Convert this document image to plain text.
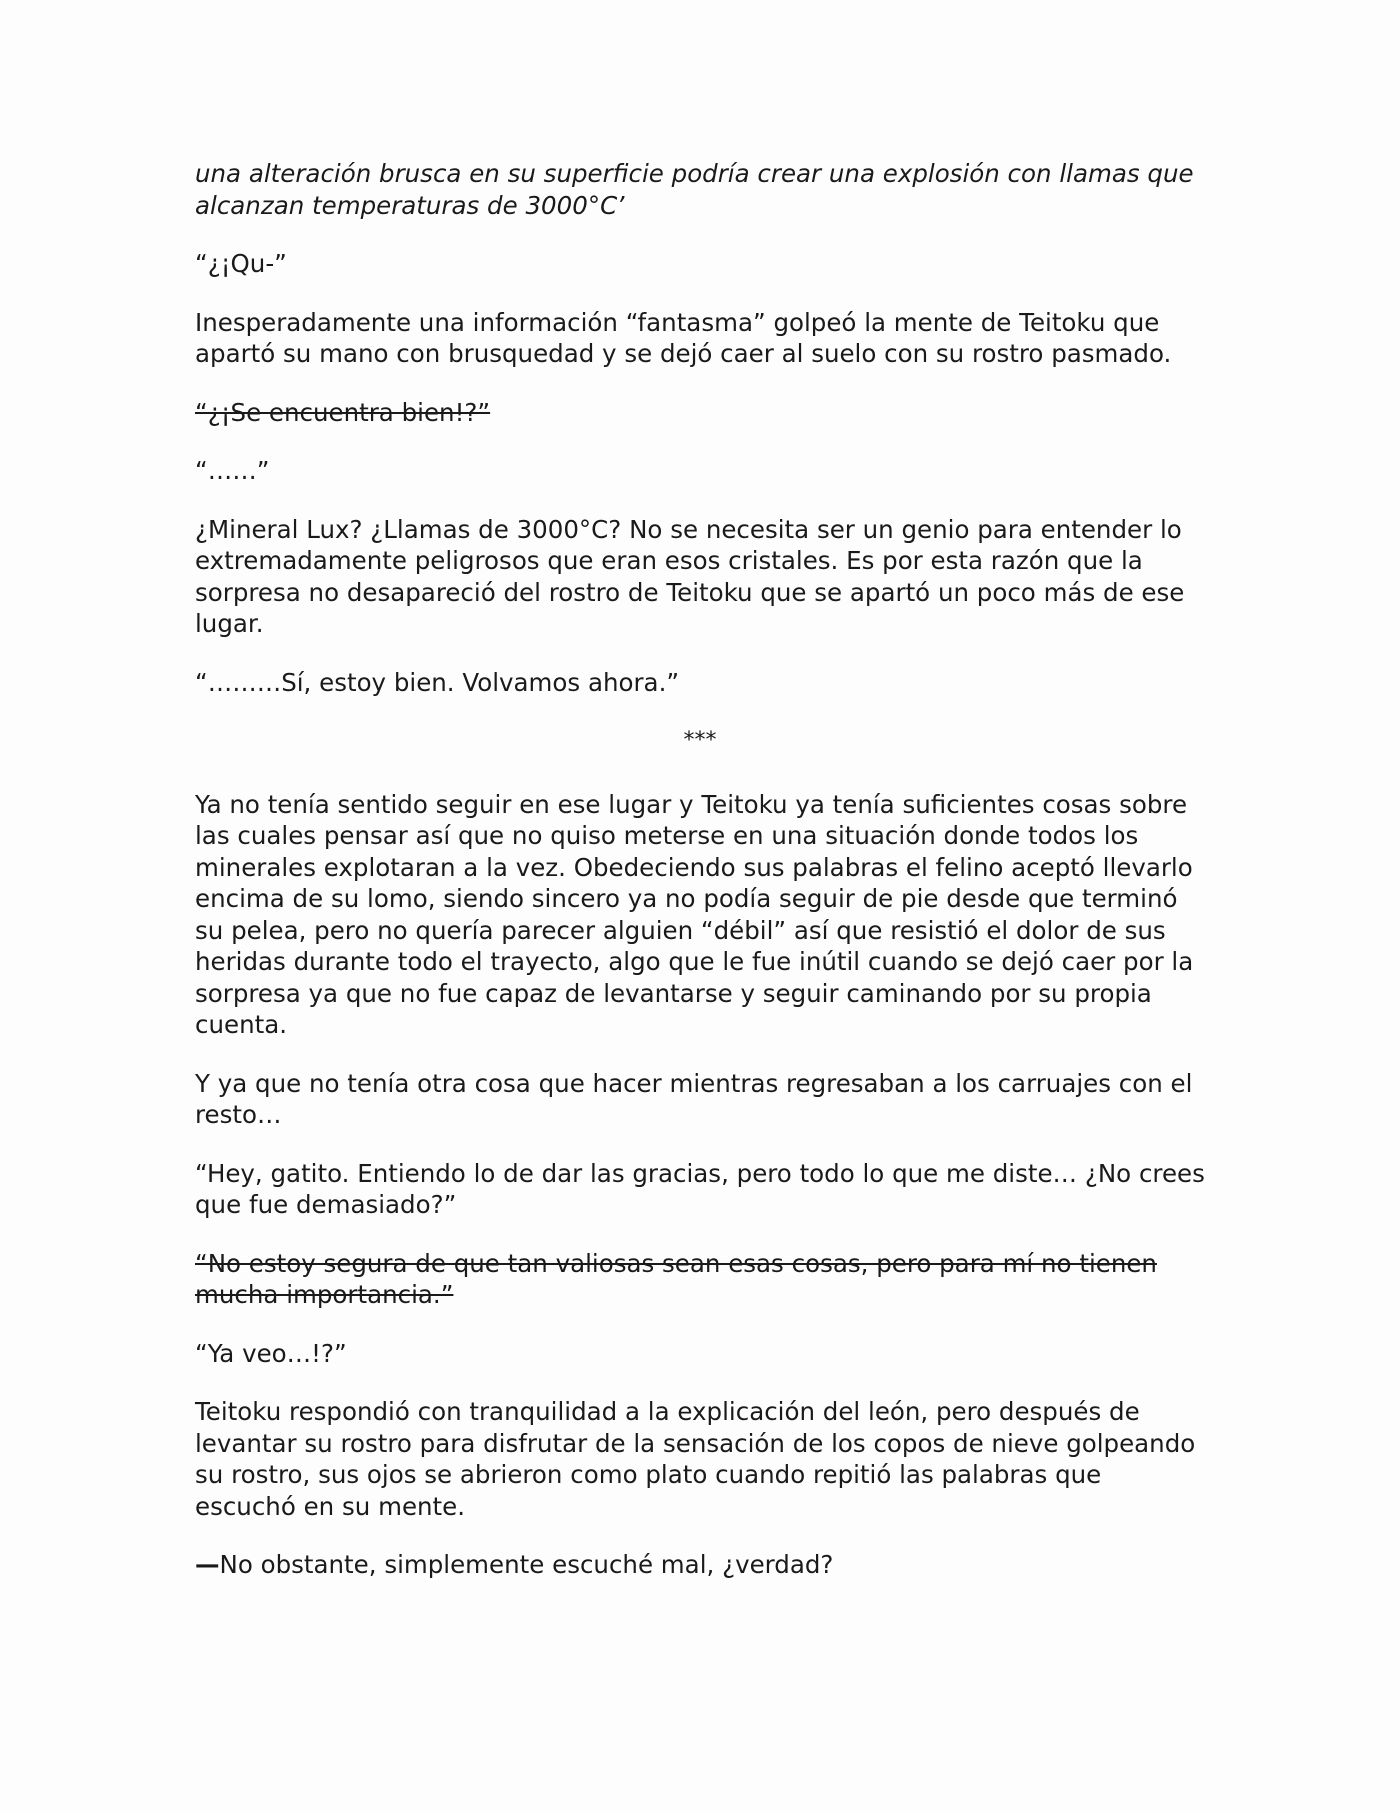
una alteración brusca en su superficie podría crear una explosión con llamas que alcanzan temperaturas de 3000°C’

“¿¡Qu-”

Inesperadamente una información “fantasma” golpeó la mente de Teitoku que apartó su mano con brusquedad y se dejó caer al suelo con su rostro pasmado.

“¿¡Se encuentra bien!?”

“……”

¿Mineral Lux? ¿Llamas de 3000°C? No se necesita ser un genio para entender lo extremadamente peligrosos que eran esos cristales. Es por esta razón que la sorpresa no desapareció del rostro de Teitoku que se apartó un poco más de ese lugar.

“………Sí, estoy bien. Volvamos ahora.”

***

Ya no tenía sentido seguir en ese lugar y Teitoku ya tenía suficientes cosas sobre las cuales pensar así que no quiso meterse en una situación donde todos los minerales explotaran a la vez. Obedeciendo sus palabras el felino aceptó llevarlo encima de su lomo, siendo sincero ya no podía seguir de pie desde que terminó su pelea, pero no quería parecer alguien “débil” así que resistió el dolor de sus heridas durante todo el trayecto, algo que le fue inútil cuando se dejó caer por la sorpresa ya que no fue capaz de levantarse y seguir caminando por su propia cuenta.

Y ya que no tenía otra cosa que hacer mientras regresaban a los carruajes con el resto…

“Hey, gatito. Entiendo lo de dar las gracias, pero todo lo que me diste… ¿No crees que fue demasiado?”

“No estoy segura de que tan valiosas sean esas cosas, pero para mí no tienen mucha importancia.”

“Ya veo…!?”

Teitoku respondió con tranquilidad a la explicación del león, pero después de levantar su rostro para disfrutar de la sensación de los copos de nieve golpeando su rostro, sus ojos se abrieron como plato cuando repitió las palabras que escuchó en su mente.

—No obstante, simplemente escuché mal, ¿verdad?
